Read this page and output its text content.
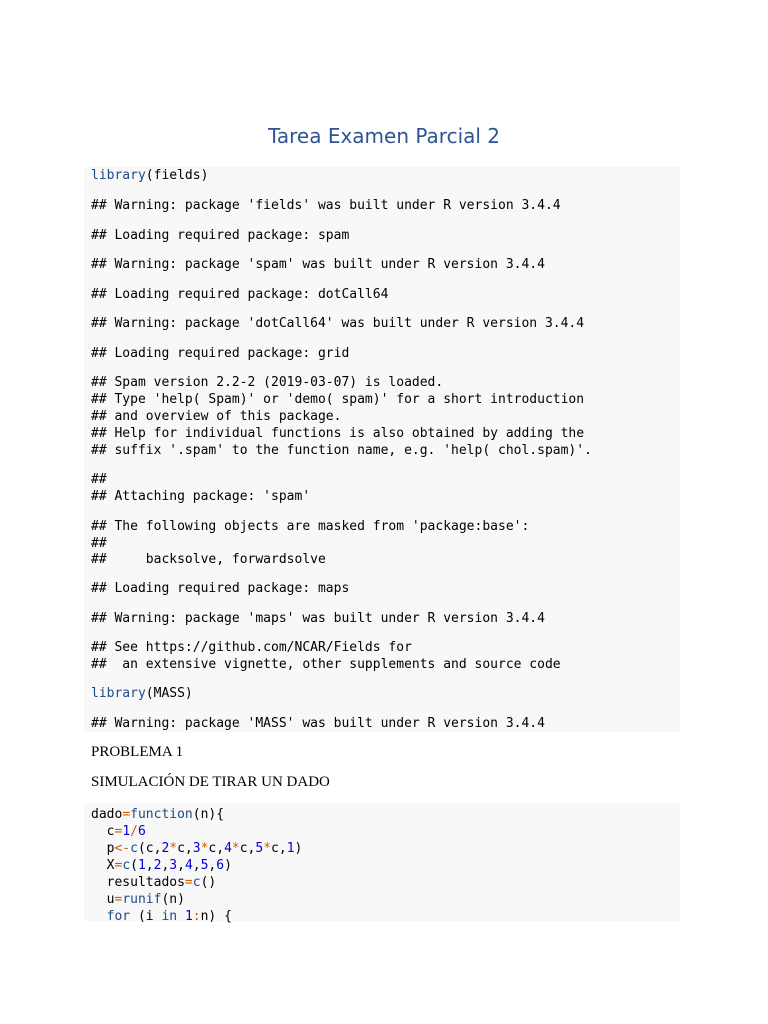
Tarea Examen Parcial 2
library(fields)
## Warning: package 'fields' was built under R version 3.4.4
## Loading required package: spam
## Warning: package 'spam' was built under R version 3.4.4
## Loading required package: dotCall64
## Warning: package 'dotCall64' was built under R version 3.4.4
## Loading required package: grid
## Spam version 2.2-2 (2019-03-07) is loaded.
## Type 'help( Spam)' or 'demo( spam)' for a short introduction
## and overview of this package.
## Help for individual functions is also obtained by adding the
## suffix '.spam' to the function name, e.g. 'help( chol.spam)'.
##
## Attaching package: 'spam'
## The following objects are masked from 'package:base':
##
##     backsolve, forwardsolve
## Loading required package: maps
## Warning: package 'maps' was built under R version 3.4.4
## See https://github.com/NCAR/Fields for
##  an extensive vignette, other supplements and source code
library(MASS)
## Warning: package 'MASS' was built under R version 3.4.4
PROBLEMA 1
SIMULACIÓN DE TIRAR UN DADO
dado=function(n){
c=1/6
p<-c(c,2*c,3*c,4*c,5*c,1)
X=c(1,2,3,4,5,6)
resultados=c()
u=runif(n)
for (i in 1:n) {
